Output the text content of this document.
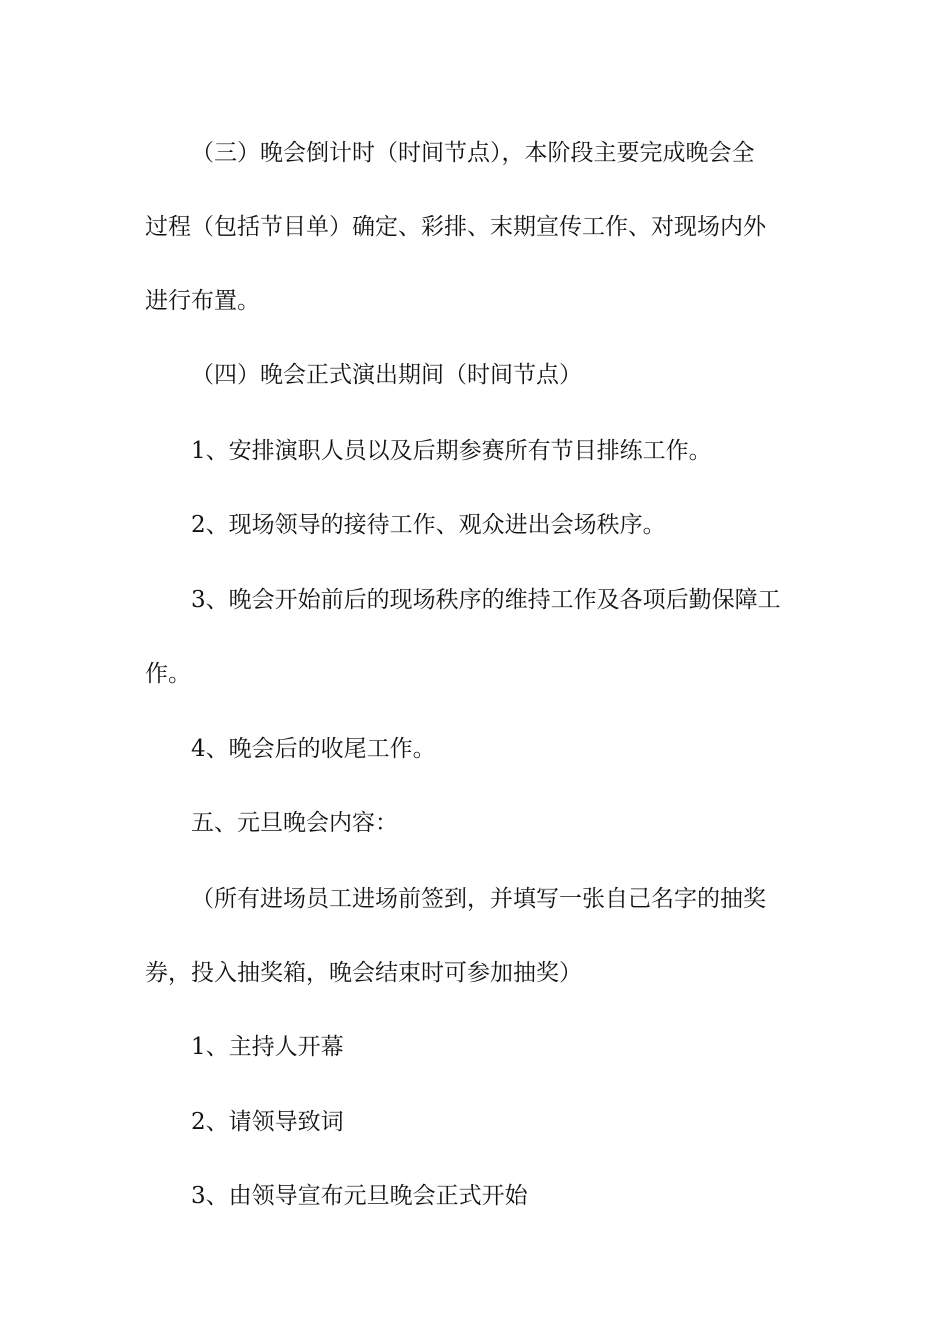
（三）晚会倒计时（时间节点），本阶段主要完成晚会全
过程（包括节目单）确定、彩排、末期宣传工作、对现场内外
进行布置。
（四）晚会正式演出期间（时间节点）
1、安排演职人员以及后期参赛所有节目排练工作。
2、现场领导的接待工作、观众进出会场秩序。
3、晚会开始前后的现场秩序的维持工作及各项后勤保障工
作。
4、晚会后的收尾工作。
五、元旦晚会内容：
（所有进场员工进场前签到，并填写一张自己名字的抽奖
券，投入抽奖箱，晚会结束时可参加抽奖）
1、主持人开幕
2、请领导致词
3、由领导宣布元旦晚会正式开始
